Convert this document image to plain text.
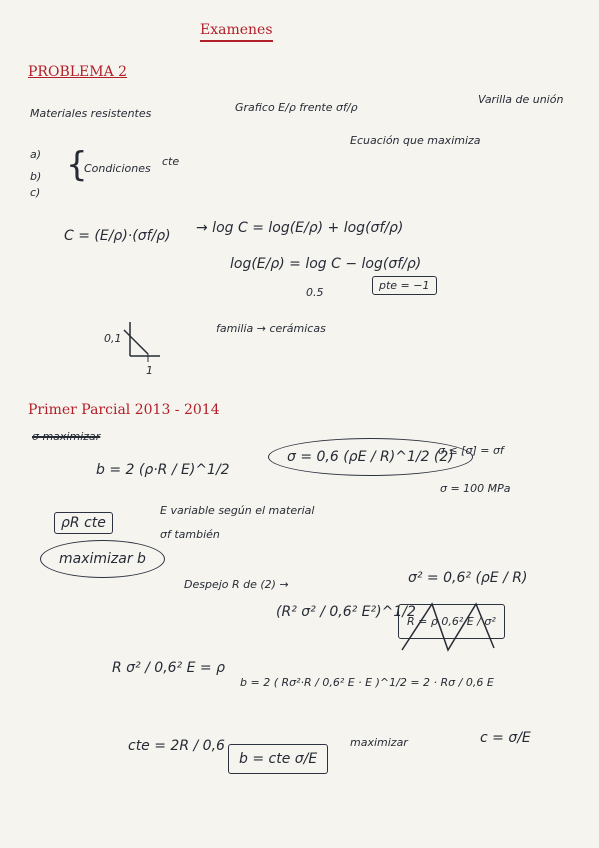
Examenes
PROBLEMA 2
Materiales resistentes	Grafico E/ρ frente σf/ρ
Varilla de unión
Ecuación que maximiza
a)
b)
c)
{
Condiciones
cte
C = (E/ρ)·(σf/ρ) → log C = log(E/ρ) + log(σf/ρ)
log(E/ρ) = log C − log(σf/ρ)
0.5
pte = −1
0,1
1
familia → cerámicas
Primer Parcial 2013 - 2014
σ maximizar
b = 2 (ρ·R / E)^1/2
σ = 0,6 (ρE / R)^1/2 (2)
σ ≤ [σ] = σf
σ = 100 MPa
ρR cte
E variable según el material
σf también
maximizar b
Despejo R de (2) →	σ² = 0,6² (ρE / R)
R = ρ 0,6² E / σ²
(R² σ² / 0,6² E²)^1/2
R σ² / 0,6² E = ρ
b = 2 ( Rσ²·R / 0,6² E · E )^1/2 = 2 · Rσ / 0,6 E
cte = 2R / 0,6
b = cte σ/E
maximizar	c = σ/E
